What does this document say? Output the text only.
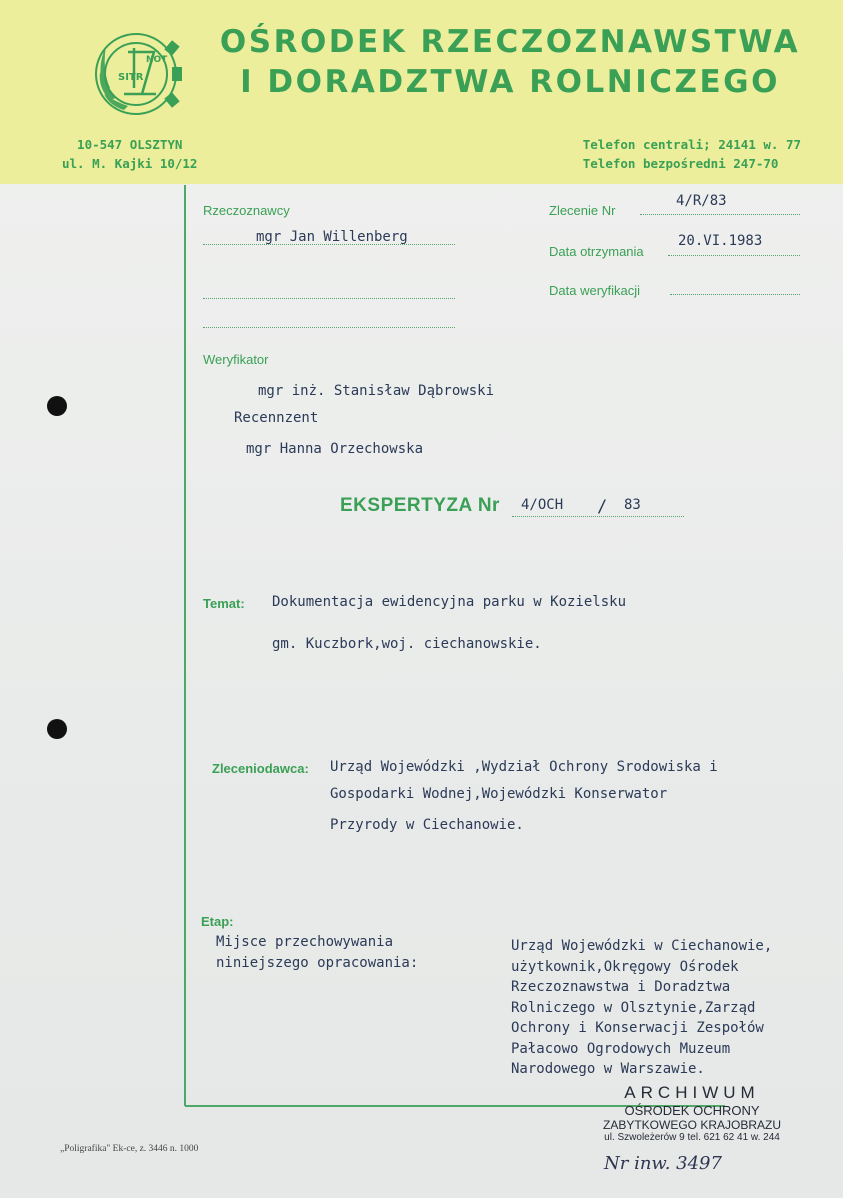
SITR
NOT	OŚRODEK RZECZOZNAWSTWA
I DORADZTWA ROLNICZEGO
10-547 OLSZTYN
ul. M. Kajki 10/12
Telefon centrali; 24141 w. 77
Telefon bezpośredni 247-70
Rzeczoznawcy
mgr Jan Willenberg
Zlecenie Nr
4/R/83
Data otrzymania
20.VI.1983
Data weryfikacji
Weryfikator
mgr inż. Stanisław Dąbrowski
Recennzent
mgr Hanna Orzechowska
EKSPERTYZA Nr 4/OCH / 83
Temat: Dokumentacja ewidencyjna parku w Kozielsku
gm. Kuczbork,woj. ciechanowskie.
Zleceniodawca: Urząd Wojewódzki ,Wydział Ochrony Srodowiska i
Gospodarki Wodnej,Wojewódzki Konserwator
Przyrody w Ciechanowie.
Etap:
Mijsce przechowywania
niniejszego opracowania:
Urząd Wojewódzki w Ciechanowie,
użytkownik,Okręgowy Ośrodek
Rzeczoznawstwa i Doradztwa
Rolniczego w Olsztynie,Zarząd
Ochrony i Konserwacji Zespołów
Pałacowo Ogrodowych Muzeum
Narodowego w Warszawie.
ARCHIWUM
OŚRODEK OCHRONY
ZABYTKOWEGO KRAJOBRAZU
ul. Szwoleżerów 9 tel. 621 62 41 w. 244
Nr inw. 3497
„Poligrafika" Ek-ce, z. 3446 n. 1000
